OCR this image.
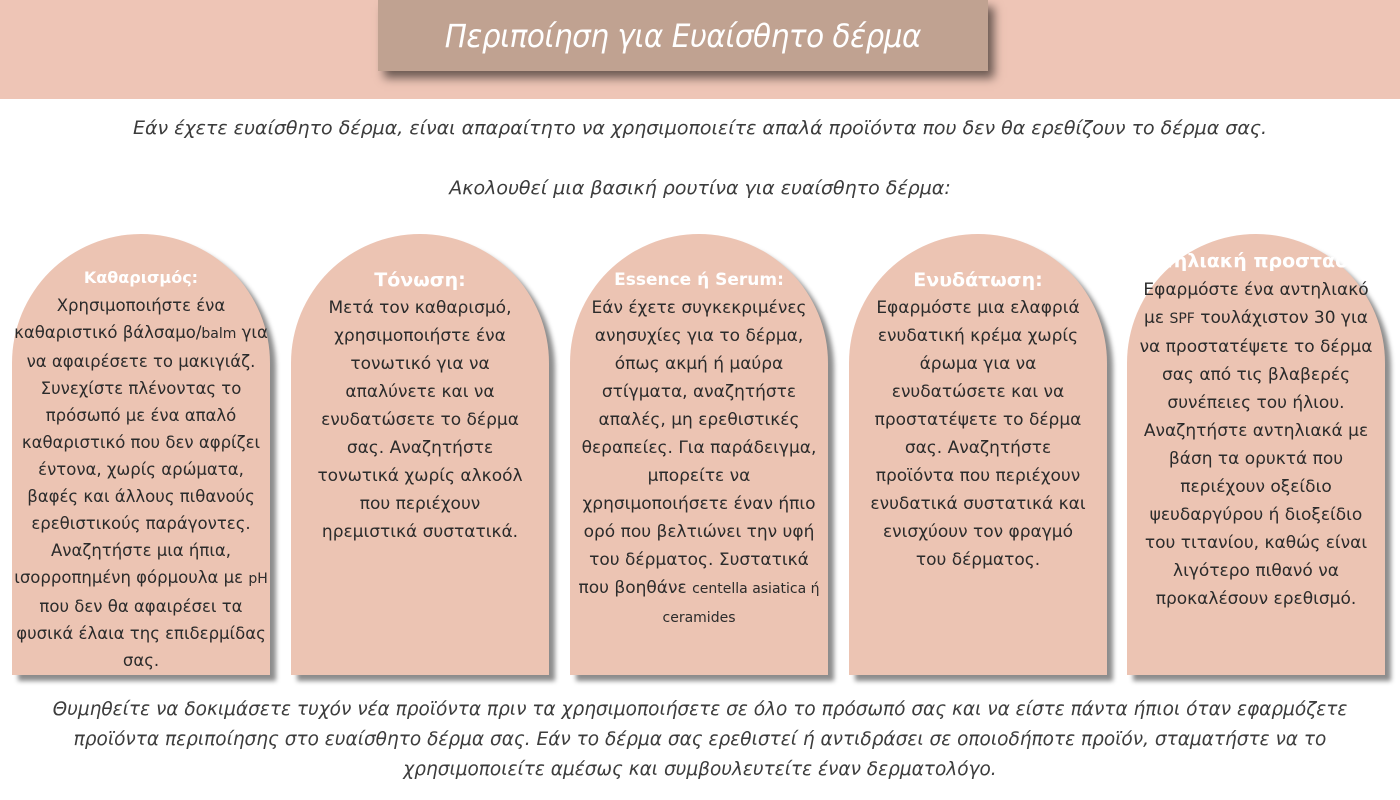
Περιποίηση για Ευαίσθητο δέρμα
Εάν έχετε ευαίσθητο δέρμα, είναι απαραίτητο να χρησιμοποιείτε απαλά προϊόντα που δεν θα ερεθίζουν το δέρμα σας.
Ακολουθεί μια βασική ρουτίνα για ευαίσθητο δέρμα:
Καθαρισμός:
Χρησιμοποιήστε ένα καθαριστικό βάλσαμο/balm για να αφαιρέσετε το μακιγιάζ. Συνεχίστε πλένοντας το πρόσωπό με ένα απαλό καθαριστικό που δεν αφρίζει έντονα, χωρίς αρώματα, βαφές και άλλους πιθανούς ερεθιστικούς παράγοντες. Αναζητήστε μια ήπια, ισορροπημένη φόρμουλα με pH που δεν θα αφαιρέσει τα φυσικά έλαια της επιδερμίδας σας.
Τόνωση:
Μετά τον καθαρισμό, χρησιμοποιήστε ένα τονωτικό για να απαλύνετε και να ενυδατώσετε το δέρμα σας. Αναζητήστε τονωτικά χωρίς αλκοόλ που περιέχουν ηρεμιστικά συστατικά.
Essence ή Serum:
Εάν έχετε συγκεκριμένες ανησυχίες για το δέρμα, όπως ακμή ή μαύρα στίγματα, αναζητήστε απαλές, μη ερεθιστικές θεραπείες. Για παράδειγμα, μπορείτε να χρησιμοποιήσετε έναν ήπιο ορό που βελτιώνει την υφή του δέρματος. Συστατικά που βοηθάνε centella asiatica ή ceramides
Ενυδάτωση:
Εφαρμόστε μια ελαφριά ενυδατική κρέμα χωρίς άρωμα για να ενυδατώσετε και να προστατέψετε το δέρμα σας. Αναζητήστε προϊόντα που περιέχουν ενυδατικά συστατικά και ενισχύουν τον φραγμό του δέρματος.
Αντηλιακή προστασία:
Εφαρμόστε ένα αντηλιακό με SPF τουλάχιστον 30 για να προστατέψετε το δέρμα σας από τις βλαβερές συνέπειες του ήλιου. Αναζητήστε αντηλιακά με βάση τα ορυκτά που περιέχουν οξείδιο ψευδαργύρου ή διοξείδιο του τιτανίου, καθώς είναι λιγότερο πιθανό να προκαλέσουν ερεθισμό.
Θυμηθείτε να δοκιμάσετε τυχόν νέα προϊόντα πριν τα χρησιμοποιήσετε σε όλο το πρόσωπό σας και να είστε πάντα ήπιοι όταν εφαρμόζετε προϊόντα περιποίησης στο ευαίσθητο δέρμα σας. Εάν το δέρμα σας ερεθιστεί ή αντιδράσει σε οποιοδήποτε προϊόν, σταματήστε να το χρησιμοποιείτε αμέσως και συμβουλευτείτε έναν δερματολόγο.
